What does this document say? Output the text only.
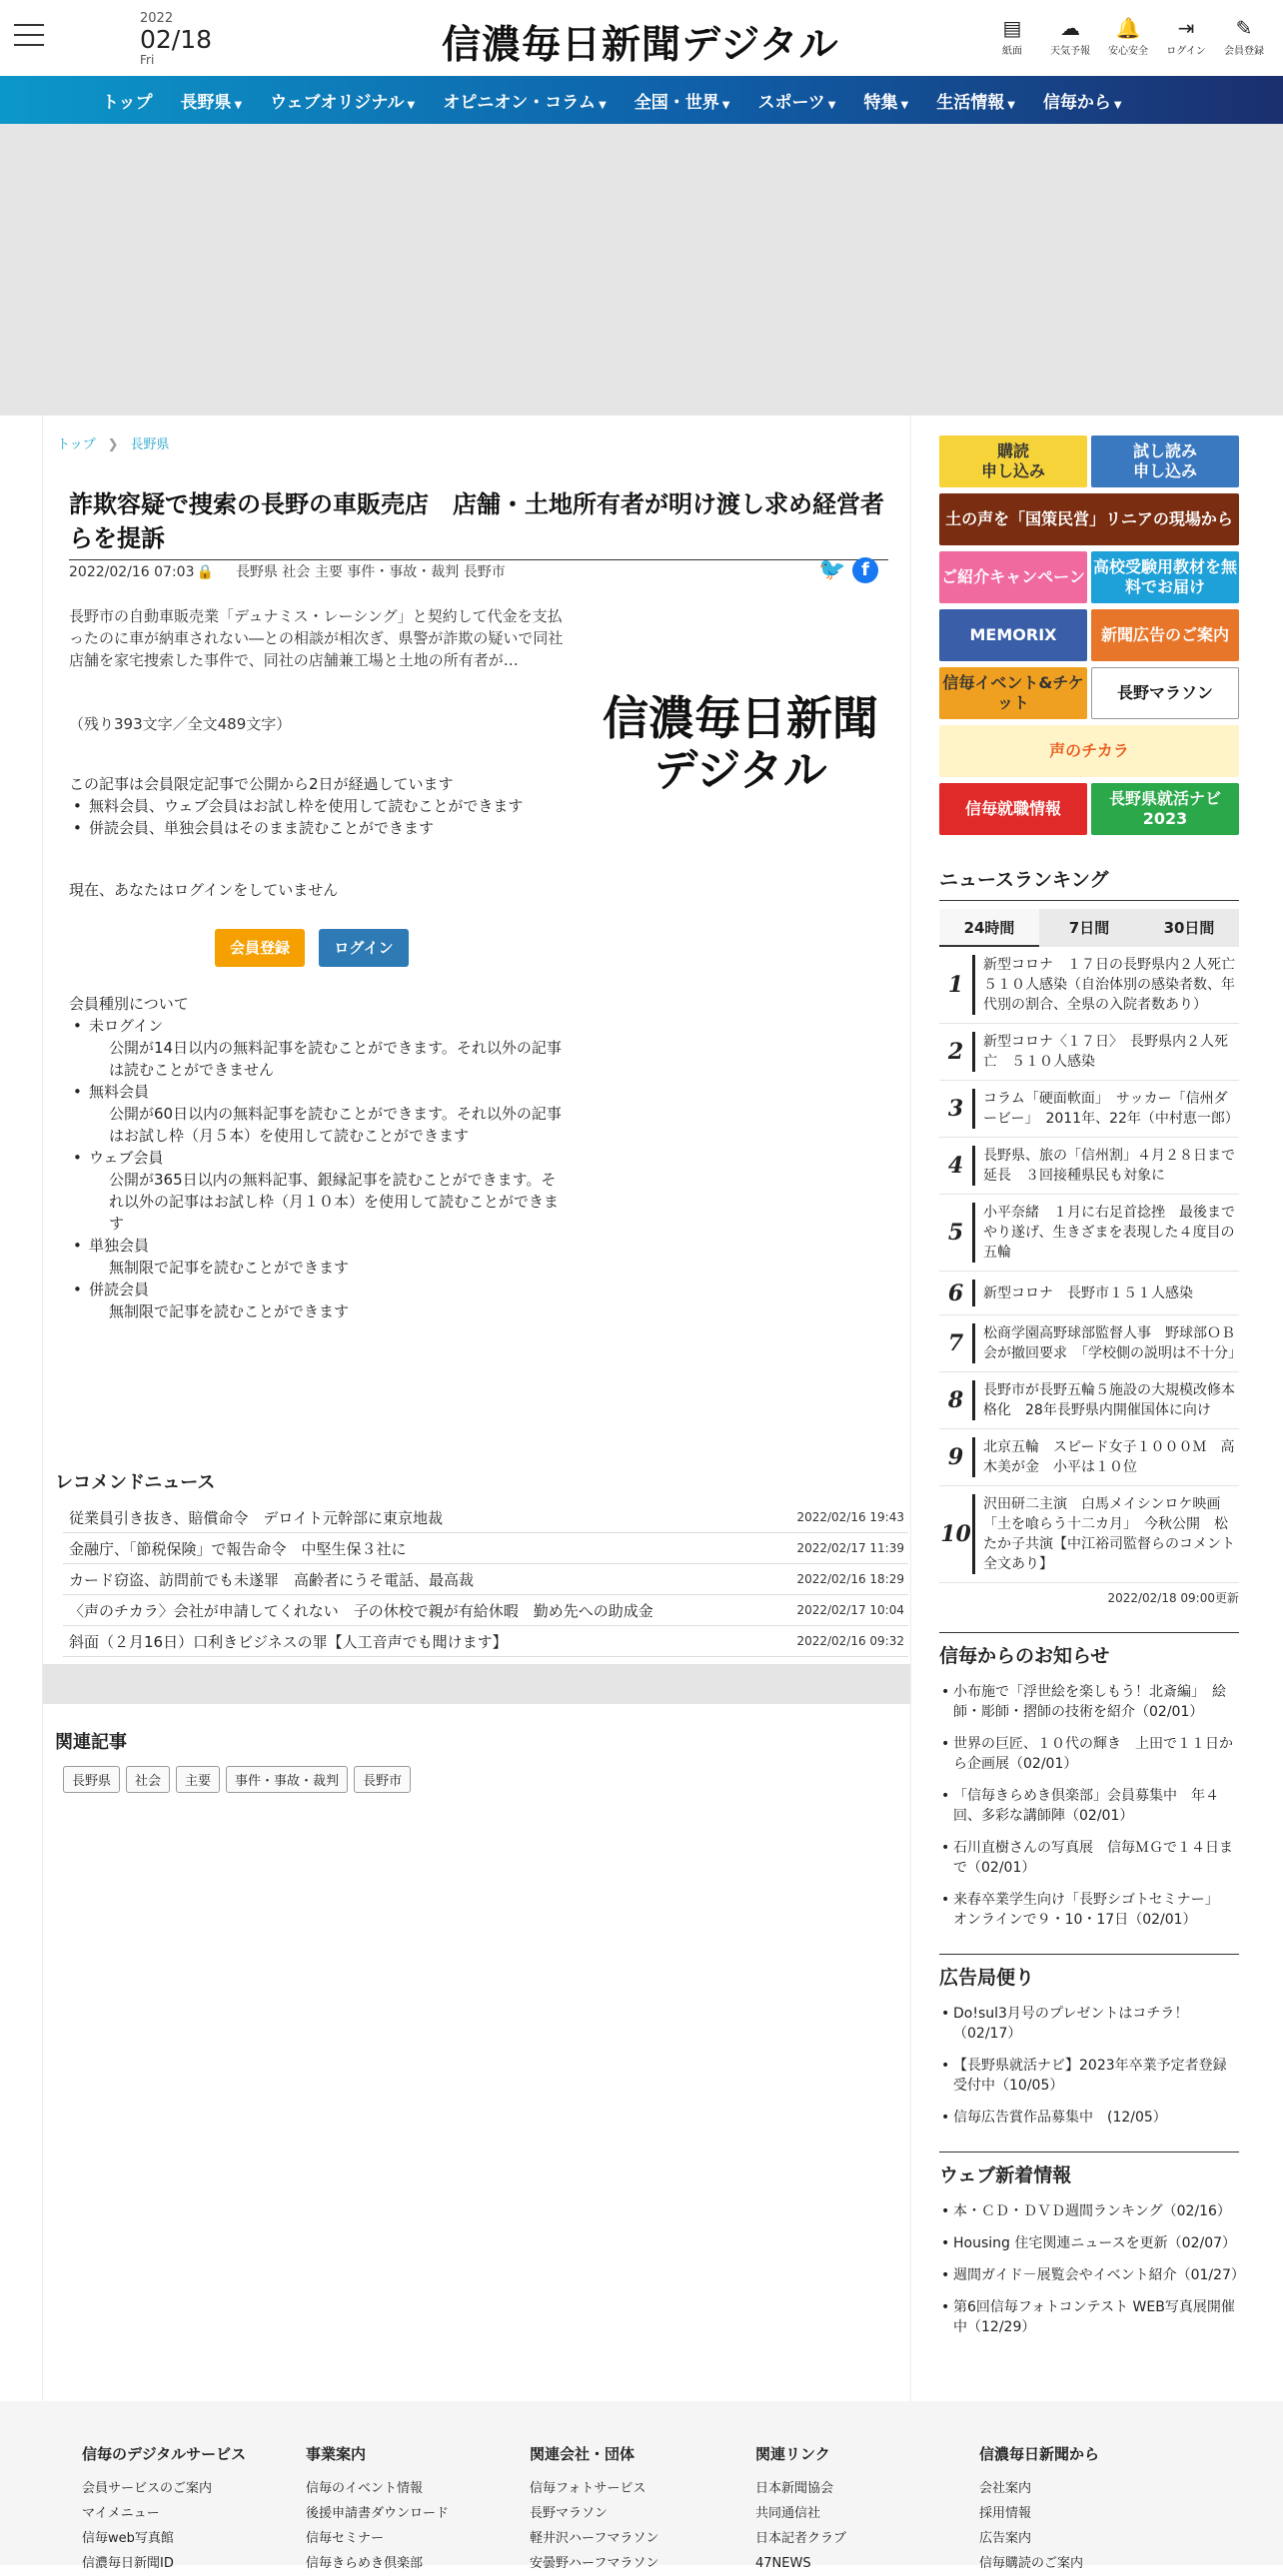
2022
02/18
Fri	信濃毎日新聞デジタル	▤
紙面
☁
天気予報
🔔
安心安全
⇥
ログイン
✎
会員登録
トップ	長野県 ▼	ウェブオリジナル ▼	オピニオン・コラム ▼	全国・世界 ▼	スポーツ ▼	特集 ▼	生活情報 ▼	信毎から ▼
トップ ❯ 長野県
詐欺容疑で捜索の長野の車販売店　店舗・土地所有者が明け渡し求め経営者らを提訴
2022/02/16 07:03 🔒 長野県 社会 主要 事件・事故・裁判 長野市	🐦 f

長野市の自動車販売業「デュナミス・レーシング」と契約して代金を支払ったのに車が納車されない―との相談が相次ぎ、県警が詐欺の疑いで同社店舗を家宅捜索した事件で、同社の店舗兼工場と土地の所有者が…

（残り393文字／全文489文字）	信濃毎日新聞
デジタル

この記事は会員限定記事で公開から2日が経過しています

• 無料会員、ウェブ会員はお試し枠を使用して読むことができます
• 併読会員、単独会員はそのまま読むことができます

現在、あなたはログインをしていません

会員登録	ログイン

会員種別について

• 未ログイン
公開が14日以内の無料記事を読むことができます。それ以外の記事は読むことができません
• 無料会員
公開が60日以内の無料記事を読むことができます。それ以外の記事はお試し枠（月５本）を使用して読むことができます
• ウェブ会員
公開が365日以内の無料記事、銀縁記事を読むことができます。それ以外の記事はお試し枠（月１０本）を使用して読むことができます
• 単独会員
無制限で記事を読むことができます
• 併読会員
無制限で記事を読むことができます
レコメンドニュース
従業員引き抜き、賠償命令　デロイト元幹部に東京地裁	2022/02/16 19:43
金融庁、「節税保険」で報告命令　中堅生保３社に	2022/02/17 11:39
カード窃盗、訪問前でも未遂罪　高齢者にうそ電話、最高裁	2022/02/16 18:29
〈声のチカラ〉会社が申請してくれない　子の休校で親が有給休暇　勤め先への助成金	2022/02/17 10:04
斜面（２月16日）口利きビジネスの罪【人工音声でも聞けます】	2022/02/16 09:32
関連記事
長野県	社会	主要	事件・事故・裁判	長野市
購読
申し込み
試し読み
申し込み
土の声を「国策民営」リニアの現場から
ご紹介キャンペーン
高校受験用教材を無料でお届け
MEMORIX	新聞広告のご案内
信毎イベント&チケット
長野マラソン
声のチカラ
信毎就職情報
長野県就活ナビ2023
ニュースランキング
24時間	7日間	30日間
1
新型コロナ　１７日の長野県内２人死亡　５１０人感染（自治体別の感染者数、年代別の割合、全県の入院者数あり）
2	新型コロナ〈１７日〉　長野県内２人死亡　５１０人感染
3	コラム「硬面軟面」　サッカー「信州ダービー」　2011年、22年（中村恵一郎）
4	長野県、旅の「信州割」４月２８日まで延長　３回接種県民も対象に
5
小平奈緒　１月に右足首捻挫　最後までやり遂げ、生きざまを表現した４度目の五輪
6	新型コロナ　長野市１５１人感染
7	松商学園高野球部監督人事　野球部ＯＢ会が撤回要求　「学校側の説明は不十分」
8	長野市が長野五輪５施設の大規模改修本格化　28年長野県内開催国体に向け
9	北京五輪　スピード女子１０００Ｍ　高木美が金　小平は１０位
10
沢田研二主演　白馬メイシンロケ映画「土を喰らう十二カ月」　今秋公開　松たか子共演【中江裕司監督らのコメント全文あり】
2022/02/18 09:00更新
信毎からのお知らせ
• 小布施で「浮世絵を楽しもう！北斎編」　絵師・彫師・摺師の技術を紹介（02/01）
• 世界の巨匠、１０代の輝き　上田で１１日から企画展（02/01）
• 「信毎きらめき倶楽部」会員募集中　年４回、多彩な講師陣（02/01）
• 石川直樹さんの写真展　信毎ＭＧで１４日まで（02/01）
• 来春卒業学生向け「長野シゴトセミナー」　オンラインで９・10・17日（02/01）
広告局便り
• Do!sul3月号のプレゼントはコチラ！（02/17）
• 【長野県就活ナビ】2023年卒業予定者登録受付中（10/05）
• 信毎広告賞作品募集中　(12/05）
ウェブ新着情報
• 本・ＣＤ・ＤＶＤ週間ランキング（02/16）
• Housing 住宅関連ニュースを更新（02/07）
• 週間ガイド－展覧会やイベント紹介（01/27）
• 第6回信毎フォトコンテスト WEB写真展開催中（12/29）
信毎のデジタルサービス
会員サービスのご案内
マイメニュー
信毎web写真館
信濃毎日新聞ID
事業案内
信毎のイベント情報
後援申請書ダウンロード
信毎セミナー
信毎きらめき倶楽部
関連会社・団体
信毎フォトサービス
長野マラソン
軽井沢ハーフマラソン
安曇野ハーフマラソン
関連リンク
日本新聞協会
共同通信社
日本記者クラブ
47NEWS
信濃毎日新聞から
会社案内
採用情報
広告案内
信毎購読のご案内
